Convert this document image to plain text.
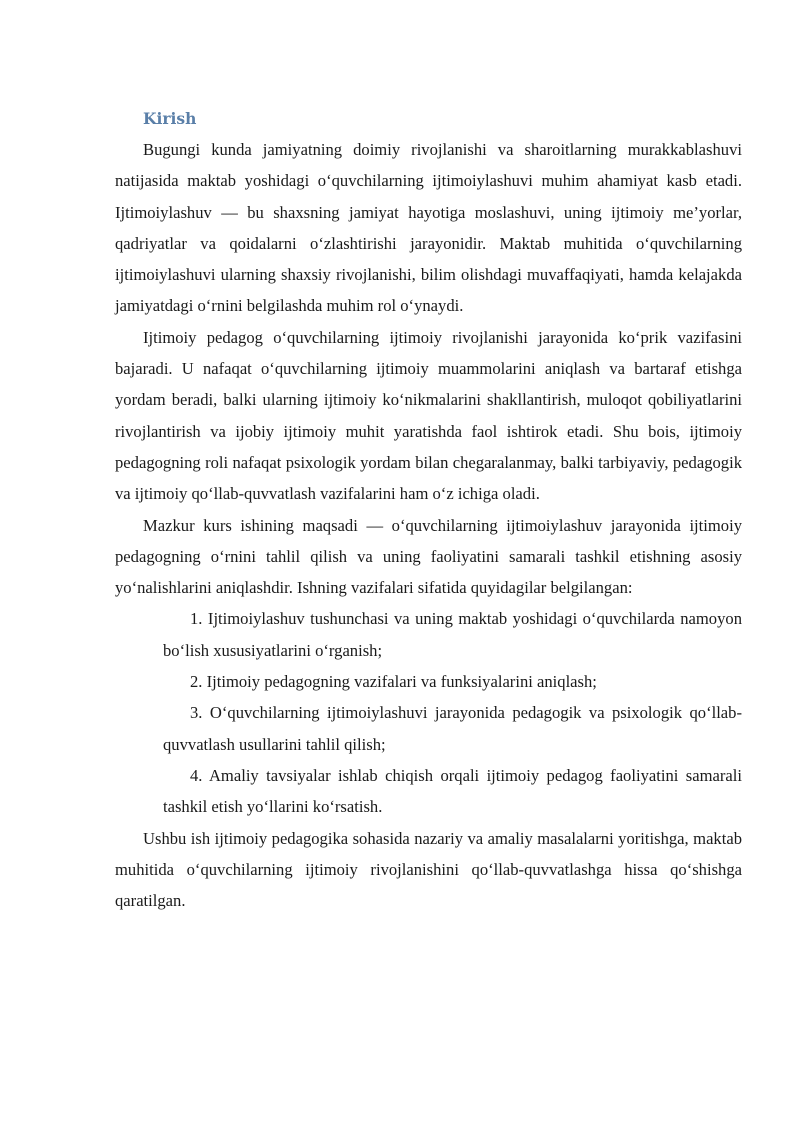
Kirish

Bugungi kunda jamiyatning doimiy rivojlanishi va sharoitlarning murakkablashuvi natijasida maktab yoshidagi o‘quvchilarning ijtimoiylashuvi muhim ahamiyat kasb etadi. Ijtimoiylashuv — bu shaxsning jamiyat hayotiga moslashuvi, uning ijtimoiy me’yorlar, qadriyatlar va qoidalarni o‘zlashtirishi jarayonidir. Maktab muhitida o‘quvchilarning ijtimoiylashuvi ularning shaxsiy rivojlanishi, bilim olishdagi muvaffaqiyati, hamda kelajakda jamiyatdagi o‘rnini belgilashda muhim rol o‘ynaydi.

Ijtimoiy pedagog o‘quvchilarning ijtimoiy rivojlanishi jarayonida ko‘prik vazifasini bajaradi. U nafaqat o‘quvchilarning ijtimoiy muammolarini aniqlash va bartaraf etishga yordam beradi, balki ularning ijtimoiy ko‘nikmalarini shakllantirish, muloqot qobiliyatlarini rivojlantirish va ijobiy ijtimoiy muhit yaratishda faol ishtirok etadi. Shu bois, ijtimoiy pedagogning roli nafaqat psixologik yordam bilan chegaralanmay, balki tarbiyaviy, pedagogik va ijtimoiy qo‘llab-quvvatlash vazifalarini ham o‘z ichiga oladi.

Mazkur kurs ishining maqsadi — o‘quvchilarning ijtimoiylashuv jarayonida ijtimoiy pedagogning o‘rnini tahlil qilish va uning faoliyatini samarali tashkil etishning asosiy yo‘nalishlarini aniqlashdir. Ishning vazifalari sifatida quyidagilar belgilangan:

1. Ijtimoiylashuv tushunchasi va uning maktab yoshidagi o‘quvchilarda namoyon bo‘lish xususiyatlarini o‘rganish;
2. Ijtimoiy pedagogning vazifalari va funksiyalarini aniqlash;
3. O‘quvchilarning ijtimoiylashuvi jarayonida pedagogik va psixologik qo‘llab-quvvatlash usullarini tahlil qilish;
4. Amaliy tavsiyalar ishlab chiqish orqali ijtimoiy pedagog faoliyatini samarali tashkil etish yo‘llarini ko‘rsatish.

Ushbu ish ijtimoiy pedagogika sohasida nazariy va amaliy masalalarni yoritishga, maktab muhitida o‘quvchilarning ijtimoiy rivojlanishini qo‘llab-quvvatlashga hissa qo‘shishga qaratilgan.
